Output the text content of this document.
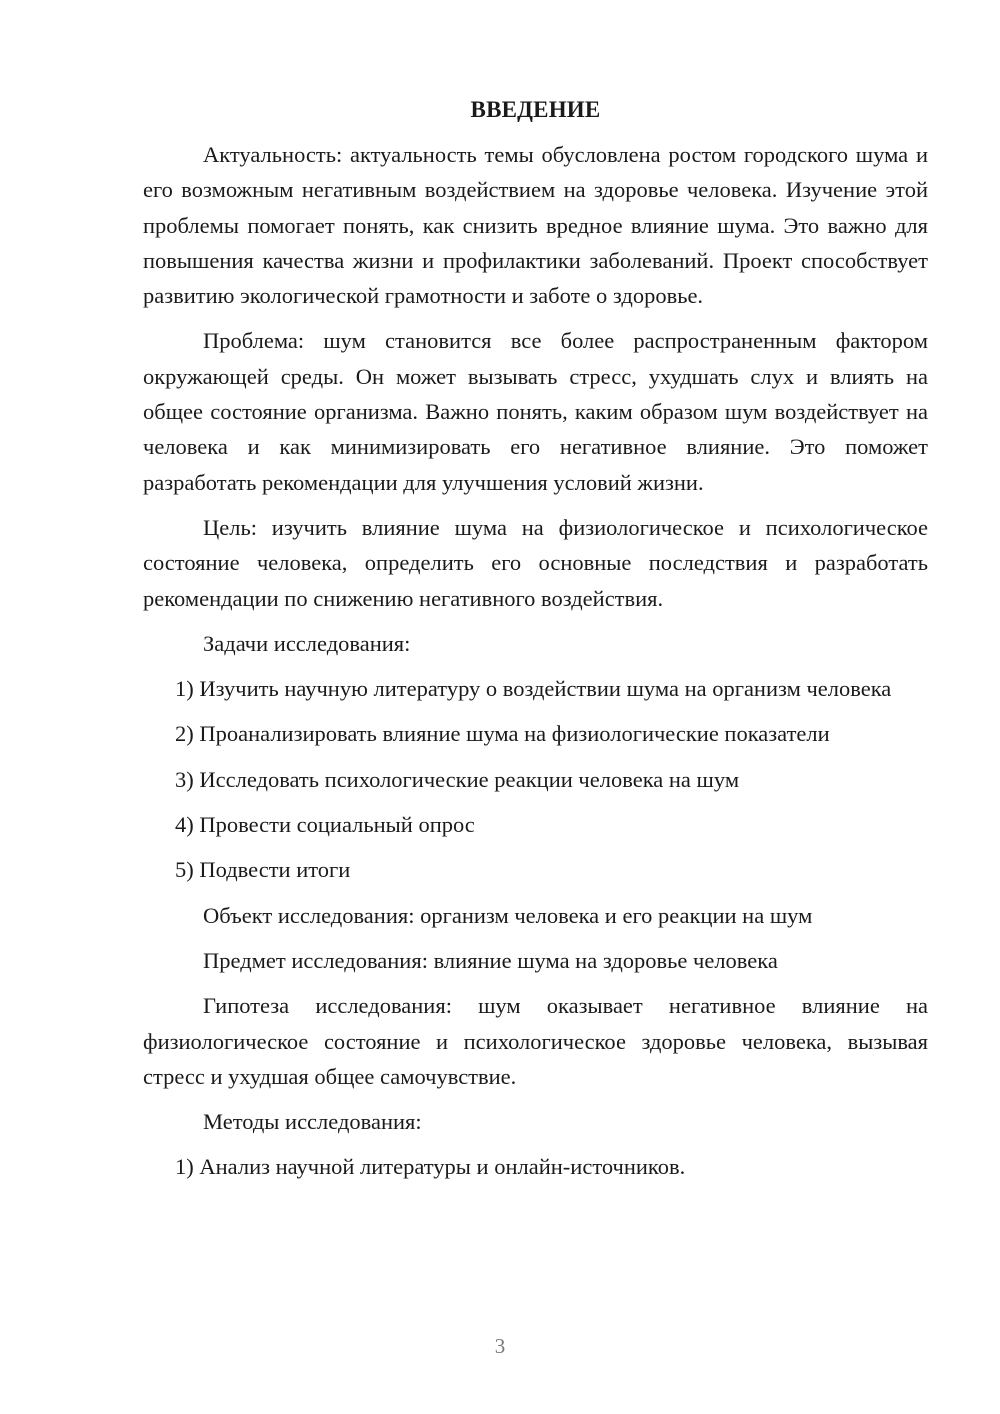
ВВЕДЕНИЕ

Актуальность: актуальность темы обусловлена ростом городского шума и его возможным негативным воздействием на здоровье человека. Изучение этой проблемы помогает понять, как снизить вредное влияние шума. Это важно для повышения качества жизни и профилактики заболеваний. Проект способствует развитию экологической грамотности и заботе о здоровье.

Проблема: шум становится все более распространенным фактором окружающей среды. Он может вызывать стресс, ухудшать слух и влиять на общее состояние организма. Важно понять, каким образом шум воздействует на человека и как минимизировать его негативное влияние. Это поможет разработать рекомендации для улучшения условий жизни.

Цель: изучить влияние шума на физиологическое и психологическое состояние человека, определить его основные последствия и разработать рекомендации по снижению негативного воздействия.

Задачи исследования:

1) Изучить научную литературу о воздействии шума на организм человека

2) Проанализировать влияние шума на физиологические показатели

3) Исследовать психологические реакции человека на шум

4) Провести социальный опрос

5) Подвести итоги

Объект исследования: организм человека и его реакции на шум

Предмет исследования: влияние шума на здоровье человека

Гипотеза исследования: шум оказывает негативное влияние на физиологическое состояние и психологическое здоровье человека, вызывая стресс и ухудшая общее самочувствие.

Методы исследования:

1) Анализ научной литературы и онлайн-источников.

3
